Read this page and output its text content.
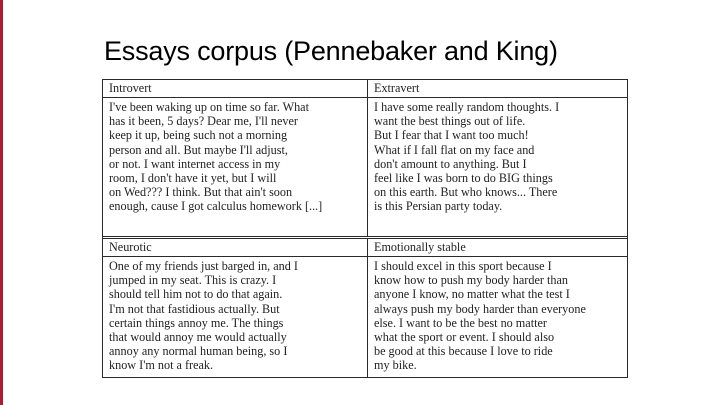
Essays corpus (Pennebaker and King)
Introvert	Extravert
I've been waking up on time so far. What
has it been, 5 days? Dear me, I'll never
keep it up, being such not a morning
person and all. But maybe I'll adjust,
or not. I want internet access in my
room, I don't have it yet, but I will
on Wed??? I think. But that ain't soon
enough, cause I got calculus homework [...]
I have some really random thoughts. I
want the best things out of life.
But I fear that I want too much!
What if I fall flat on my face and
don't amount to anything. But I
feel like I was born to do BIG things
on this earth. But who knows... There
is this Persian party today.
Neurotic	Emotionally stable
One of my friends just barged in, and I
jumped in my seat. This is crazy. I
should tell him not to do that again.
I'm not that fastidious actually. But
certain things annoy me. The things
that would annoy me would actually
annoy any normal human being, so I
know I'm not a freak.
I should excel in this sport because I
know how to push my body harder than
anyone I know, no matter what the test I
always push my body harder than everyone
else. I want to be the best no matter
what the sport or event. I should also
be good at this because I love to ride
my bike.
